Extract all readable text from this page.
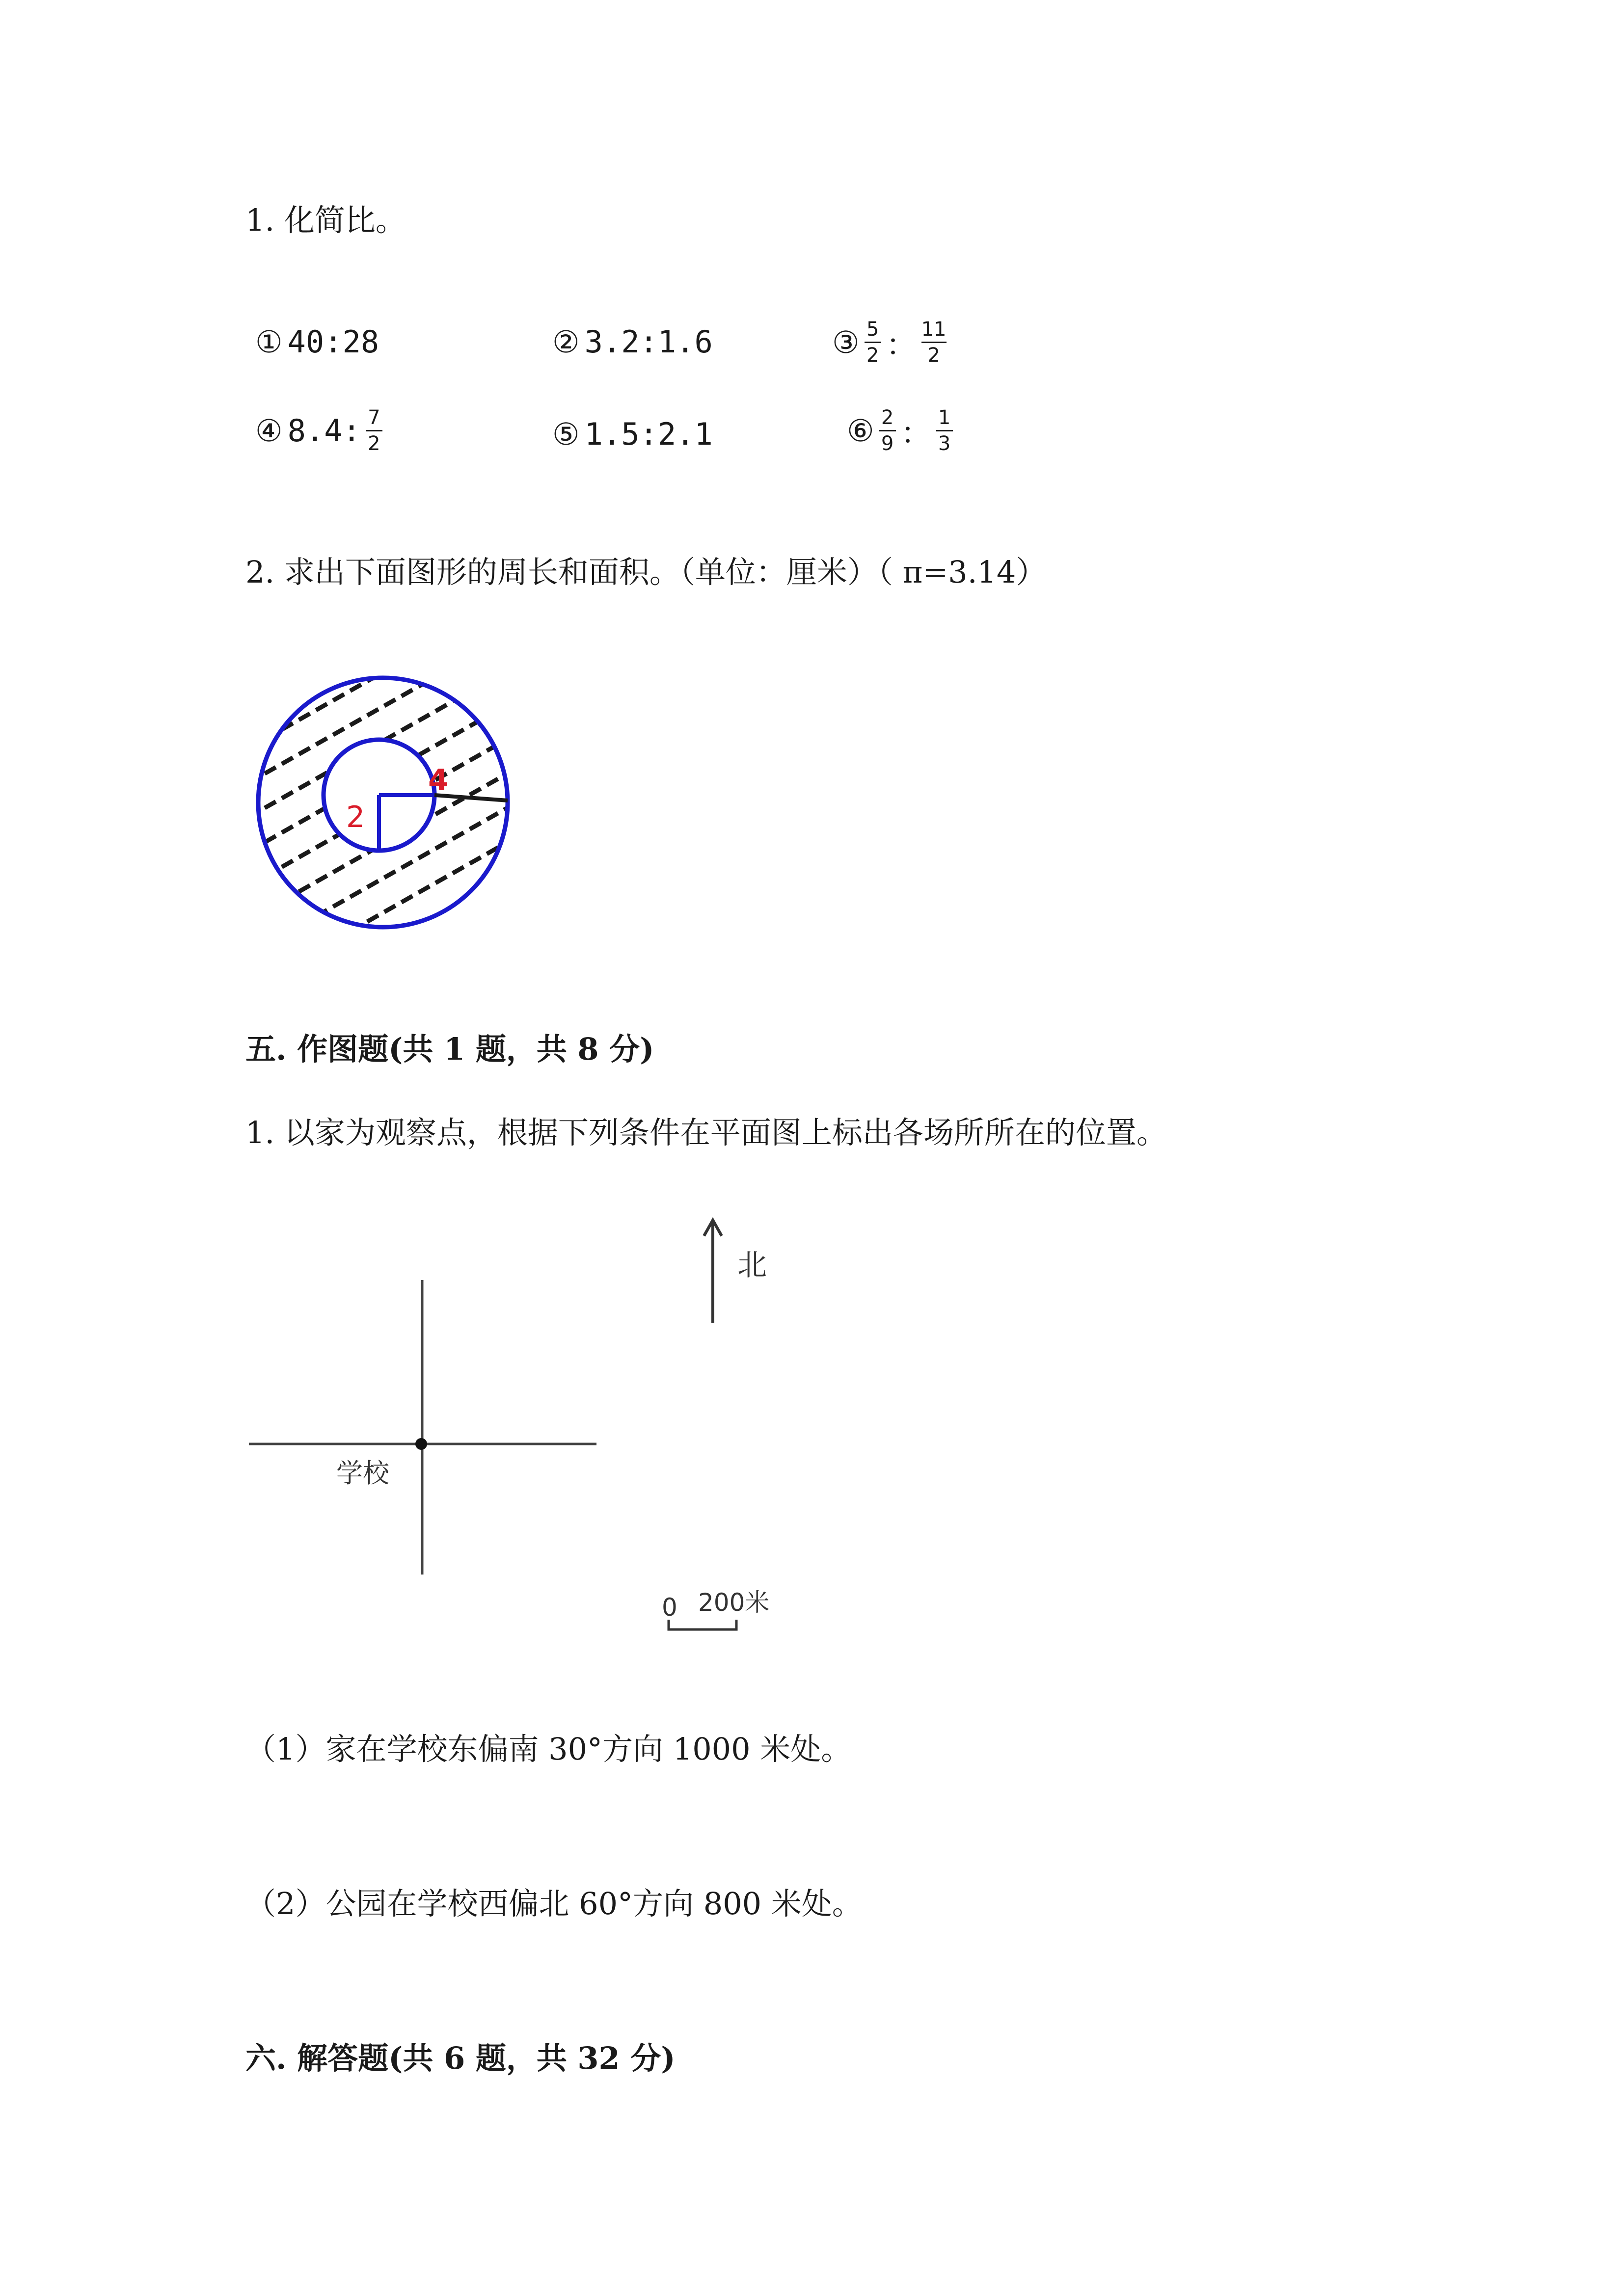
1. 化简比。
① 40:28	② 3.2:1.6	③ $\frac{5}{2}$ ： $\frac{11}{2}$
④ 8.4: $\frac{7}{2}$	⑤ 1.5:2.1	⑥ $\frac{2}{9}$ ： $\frac{1}{3}$
2. 求出下面图形的周长和面积。（单位：厘米）（ π=3.14）
2
4
五. 作图题(共 1 题，共 8 分)
1. 以家为观察点，根据下列条件在平面图上标出各场所所在的位置。
北
学校
0 200米
（1）家在学校东偏南 30°方向 1000 米处。
（2）公园在学校西偏北 60°方向 800 米处。
六. 解答题(共 6 题，共 32 分)
